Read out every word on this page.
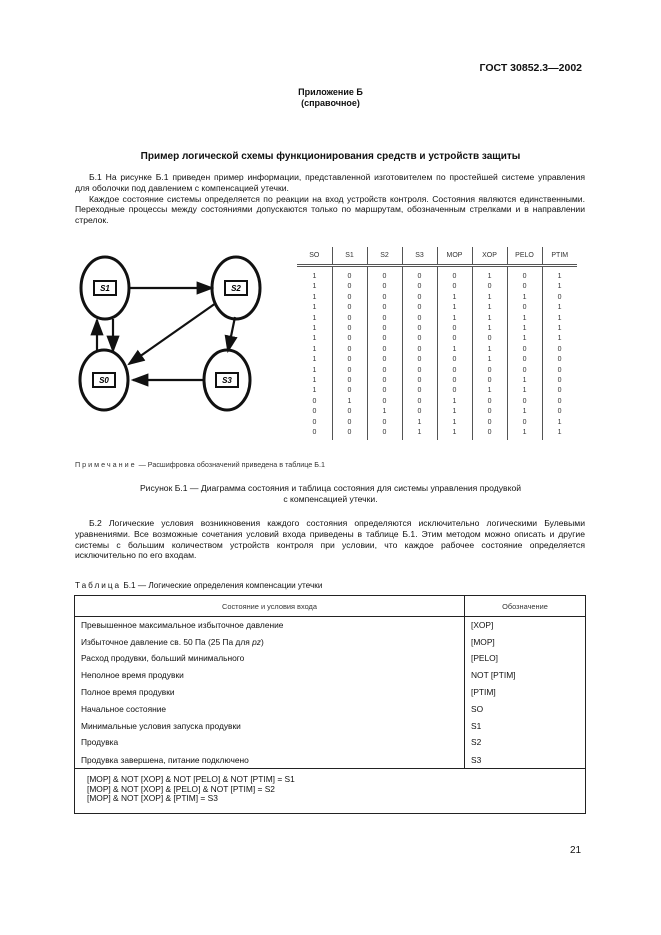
ГОСТ 30852.3—2002
Приложение Б
(справочное)
Пример логической схемы функционирования средств и устройств защиты

Б.1 На рисунке Б.1 приведен пример информации, представленной изготовителем по простейшей системе управления для оболочки под давлением с компенсацией утечки.

Каждое состояние системы определяется по реакции на вход устройств контроля. Состояния являются единственными. Переходные процессы между состояниями допускаются только по маршрутам, обозначенным стрелками и в направлении стрелок.

S1	S2
S0	S3
SO	S1	S2	S3	MOP	XOP	PELO	PTIM

1 0 0 0 0 1 0 1
1 0 0 0 0 0 0 1
1 0 0 0 1 1 1 0
1 0 0 0 1 1 0 1
1 0 0 0 1 1 1 1
1 0 0 0 0 1 1 1
1 0 0 0 0 0 1 1
1 0 0 0 1 1 0 0
1 0 0 0 0 1 0 0
1 0 0 0 0 0 0 0
1 0 0 0 0 0 1 0
1 0 0 0 0 1 1 0
0 1 0 0 1 0 0 0
0 0 1 0 1 0 1 0
0 0 0 1 1 0 0 1
0 0 0 1 1 0 1 1
Примечание — Расшифровка обозначений приведена в таблице Б.1
Рисунок Б.1 — Диаграмма состояния и таблица состояния для системы управления продувкой
с компенсацией утечки.

Б.2 Логические условия возникновения каждого состояния определяются исключительно логическими Булевыми уравнениями. Все возможные сочетания условий входа приведены в таблице Б.1. Этим методом можно описать и другие системы с большим количеством устройств контроля при условии, что каждое рабочее состояние определяется исключительно по его входам.

Таблица Б.1 — Логические определения компенсации утечки
Состояние и условия входа	Обозначение
Превышенное максимальное избыточное давление	[XOP]
Избыточное давление св. 50 Па (25 Па для pz)	[MOP]
Расход продувки, больший минимального	[PELO]
Неполное время продувки	NOT [PTIM]
Полное время продувки	[PTIM]
Начальное состояние	SO
Минимальные условия запуска продувки	S1
Продувка	S2
Продувка завершена, питание подключено	S3

[MOP] & NOT [XOP] & NOT [PELO] & NOT [PTIM] = S1
[MOP] & NOT [XOP] & [PELO] & NOT [PTIM] = S2
[MOP] & NOT [XOP] & [PTIM] = S3	
21
